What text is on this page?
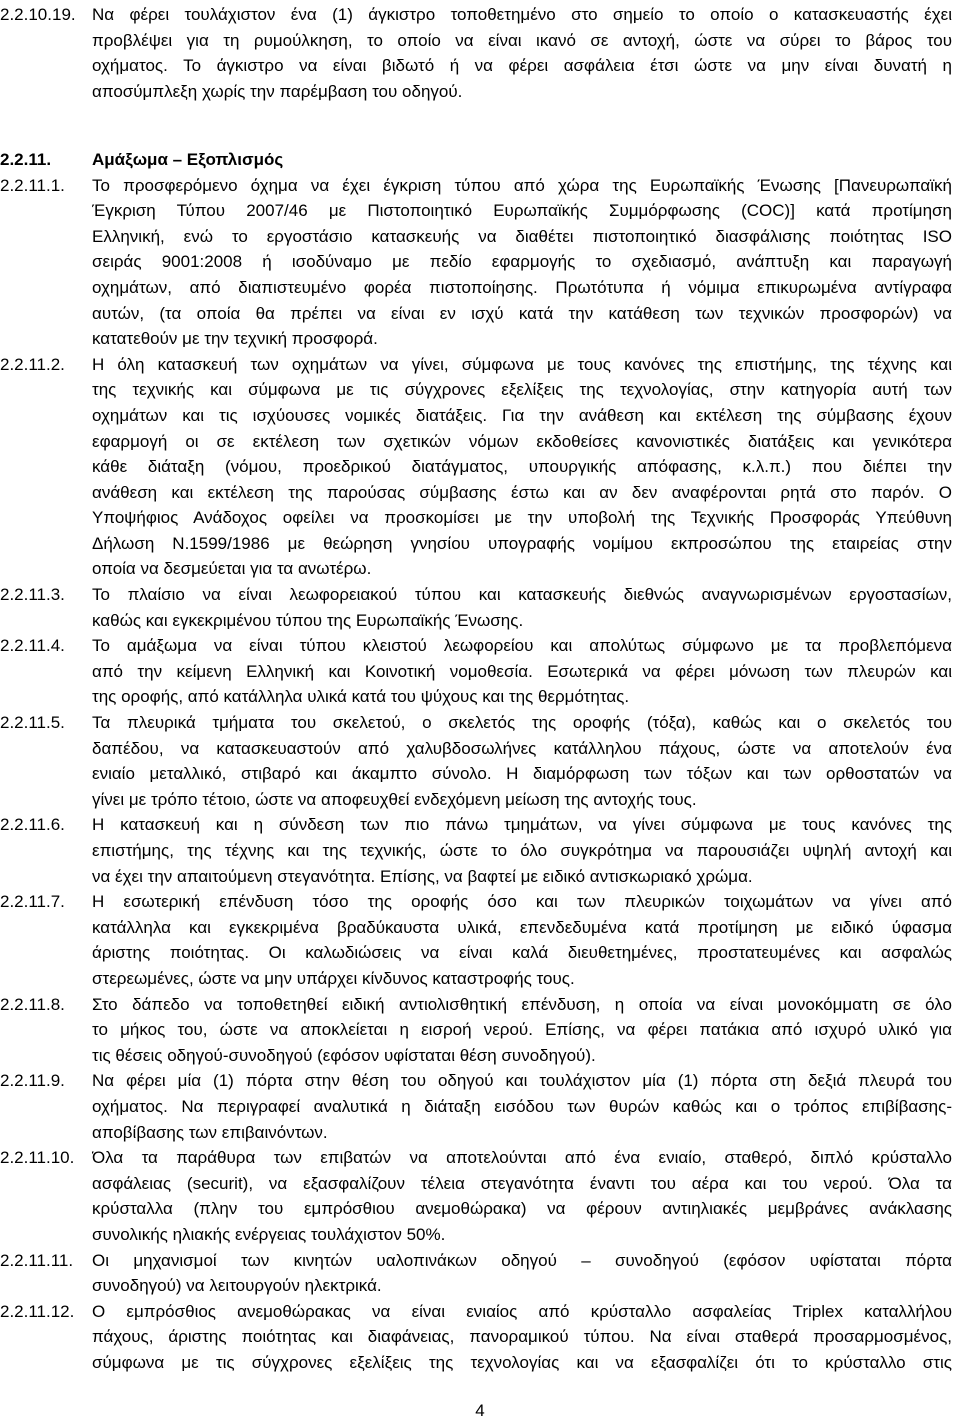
2.2.10.19. Να φέρει τουλάχιστον ένα (1) άγκιστρο τοποθετημένο στο σημείο το οποίο ο κατασκευαστής έχει
προβλέψει για τη ρυμούλκηση, το οποίο να είναι ικανό σε αντοχή, ώστε να σύρει το βάρος του
οχήματος. Το άγκιστρο να είναι βιδωτό ή να φέρει ασφάλεια έτσι ώστε να μην είναι δυνατή η
αποσύμπλεξη χωρίς την παρέμβαση του οδηγού.
2.2.11.	Αμάξωμα – Εξοπλισμός
2.2.11.1.	Το προσφερόμενο όχημα να έχει έγκριση τύπου από χώρα της Ευρωπαϊκής Ένωσης [Πανευρωπαϊκή
Έγκριση Τύπου 2007/46 με Πιστοποιητικό Ευρωπαϊκής Συμμόρφωσης (COC)] κατά προτίμηση
Ελληνική, ενώ το εργοστάσιο κατασκευής να διαθέτει πιστοποιητικό διασφάλισης ποιότητας ISO
σειράς 9001:2008 ή ισοδύναμο με πεδίο εφαρμογής το σχεδιασμό, ανάπτυξη και παραγωγή
οχημάτων, από διαπιστευμένο φορέα πιστοποίησης. Πρωτότυπα ή νόμιμα επικυρωμένα αντίγραφα
αυτών, (τα οποία θα πρέπει να είναι εν ισχύ κατά την κατάθεση των τεχνικών προσφορών) να
κατατεθούν με την τεχνική προσφορά.
2.2.11.2.	Η όλη κατασκευή των οχημάτων να γίνει, σύμφωνα με τους κανόνες της επιστήμης, της τέχνης και
της τεχνικής και σύμφωνα με τις σύγχρονες εξελίξεις της τεχνολογίας, στην κατηγορία αυτή των
οχημάτων και τις ισχύουσες νομικές διατάξεις. Για την ανάθεση και εκτέλεση της σύμβασης έχουν
εφαρμογή οι σε εκτέλεση των σχετικών νόμων εκδοθείσες κανονιστικές διατάξεις και γενικότερα
κάθε διάταξη (νόμου, προεδρικού διατάγματος, υπουργικής απόφασης, κ.λ.π.) που διέπει την
ανάθεση και εκτέλεση της παρούσας σύμβασης έστω και αν δεν αναφέρονται ρητά στο παρόν. Ο
Υποψήφιος Ανάδοχος οφείλει να προσκομίσει με την υποβολή της Τεχνικής Προσφοράς Υπεύθυνη
Δήλωση Ν.1599/1986 με θεώρηση γνησίου υπογραφής νομίμου εκπροσώπου της εταιρείας στην
οποία να δεσμεύεται για τα ανωτέρω.
2.2.11.3.	Το πλαίσιο να είναι λεωφορειακού τύπου και κατασκευής διεθνώς αναγνωρισμένων εργοστασίων,
καθώς και εγκεκριμένου τύπου της Ευρωπαϊκής Ένωσης.
2.2.11.4.	Το αμάξωμα να είναι τύπου κλειστού λεωφορείου και απολύτως σύμφωνο με τα προβλεπόμενα
από την κείμενη Ελληνική και Κοινοτική νομοθεσία. Εσωτερικά να φέρει μόνωση των πλευρών και
της οροφής, από κατάλληλα υλικά κατά του ψύχους και της θερμότητας.
2.2.11.5.	Τα πλευρικά τμήματα του σκελετού, ο σκελετός της οροφής (τόξα), καθώς και ο σκελετός του
δαπέδου, να κατασκευαστούν από χαλυβδοσωλήνες κατάλληλου πάχους, ώστε να αποτελούν ένα
ενιαίο μεταλλικό, στιβαρό και άκαμπτο σύνολο. Η διαμόρφωση των τόξων και των ορθοστατών να
γίνει με τρόπο τέτοιο, ώστε να αποφευχθεί ενδεχόμενη μείωση της αντοχής τους.
2.2.11.6.	Η κατασκευή και η σύνδεση των πιο πάνω τμημάτων, να γίνει σύμφωνα με τους κανόνες της
επιστήμης, της τέχνης και της τεχνικής, ώστε το όλο συγκρότημα να παρουσιάζει υψηλή αντοχή και
να έχει την απαιτούμενη στεγανότητα. Επίσης, να βαφτεί με ειδικό αντισκωριακό χρώμα.
2.2.11.7.	Η εσωτερική επένδυση τόσο της οροφής όσο και των πλευρικών τοιχωμάτων να γίνει από
κατάλληλα και εγκεκριμένα βραδύκαυστα υλικά, επενδεδυμένα κατά προτίμηση με ειδικό ύφασμα
άριστης ποιότητας. Οι καλωδιώσεις να είναι καλά διευθετημένες, προστατευμένες και ασφαλώς
στερεωμένες, ώστε να μην υπάρχει κίνδυνος καταστροφής τους.
2.2.11.8.	Στο δάπεδο να τοποθετηθεί ειδική αντιολισθητική επένδυση, η οποία να είναι μονοκόμματη σε όλο
το μήκος του, ώστε να αποκλείεται η εισροή νερού. Επίσης, να φέρει πατάκια από ισχυρό υλικό για
τις θέσεις οδηγού-συνοδηγού (εφόσον υφίσταται θέση συνοδηγού).
2.2.11.9.	Να φέρει μία (1) πόρτα στην θέση του οδηγού και τουλάχιστον μία (1) πόρτα στη δεξιά πλευρά του
οχήματος. Να περιγραφεί αναλυτικά η διάταξη εισόδου των θυρών καθώς και ο τρόπος επιβίβασης-
αποβίβασης των επιβαινόντων.
2.2.11.10.	Όλα τα παράθυρα των επιβατών να αποτελούνται από ένα ενιαίο, σταθερό, διπλό κρύσταλλο
ασφάλειας (securit), να εξασφαλίζουν τέλεια στεγανότητα έναντι του αέρα και του νερού. Όλα τα
κρύσταλλα (πλην του εμπρόσθιου ανεμοθώρακα) να φέρουν αντιηλιακές μεμβράνες ανάκλασης
συνολικής ηλιακής ενέργειας τουλάχιστον 50%.
2.2.11.11.	Οι μηχανισμοί των κινητών υαλοπινάκων οδηγού – συνοδηγού (εφόσον υφίσταται πόρτα
συνοδηγού) να λειτουργούν ηλεκτρικά.
2.2.11.12.	Ο εμπρόσθιος ανεμοθώρακας να είναι ενιαίος από κρύσταλλο ασφαλείας Triplex καταλλήλου
πάχους, άριστης ποιότητας και διαφάνειας, πανοραμικού τύπου. Να είναι σταθερά προσαρμοσμένος,
σύμφωνα με τις σύγχρονες εξελίξεις της τεχνολογίας και να εξασφαλίζει ότι το κρύσταλλο στις
4
